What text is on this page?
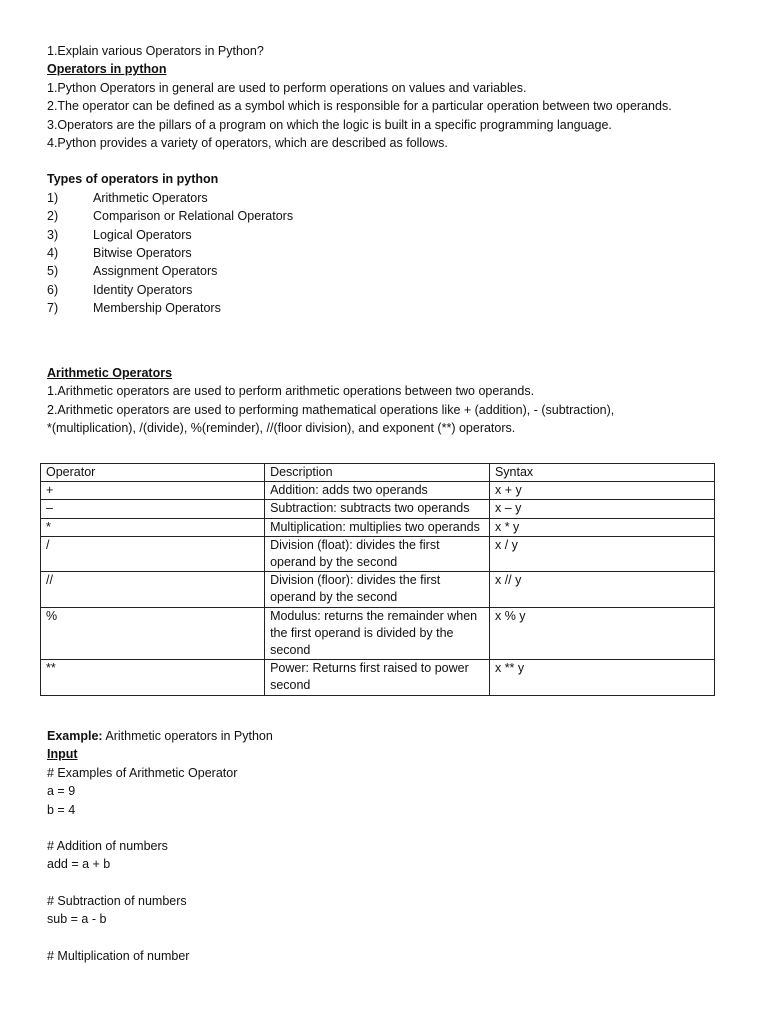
1.Explain various Operators in Python?
Operators in python
1.Python Operators in general are used to perform operations on values and variables.
2.The operator can be defined as a symbol which is responsible for a particular operation between two operands.
3.Operators are the pillars of a program on which the logic is built in a specific programming language.
4.Python provides a variety of operators, which are described as follows.
Types of operators in python
1)	Arithmetic Operators
2)	Comparison or Relational Operators
3)	Logical Operators
4)	Bitwise Operators
5)	Assignment Operators
6)	Identity Operators
7)	Membership Operators
Arithmetic Operators
1.Arithmetic operators are used to perform arithmetic operations between two operands.
2.Arithmetic operators are used to performing mathematical operations like + (addition), - (subtraction),
*(multiplication), /(divide), %(reminder), //(floor division), and exponent (**) operators.
Operator	Description	Syntax
+	Addition: adds two operands	x + y
–	Subtraction: subtracts two operands	x – y
*	Multiplication: multiplies two operands	x * y
/	Division (float): divides the first operand by the second	x / y
//	Division (floor): divides the first operand by the second	x // y
%	Modulus: returns the remainder when the first operand is divided by the second	x % y
**	Power: Returns first raised to power second	x ** y
Example: Arithmetic operators in Python
Input
# Examples of Arithmetic Operator
a = 9
b = 4
# Addition of numbers
add = a + b
# Subtraction of numbers
sub = a - b
# Multiplication of number
